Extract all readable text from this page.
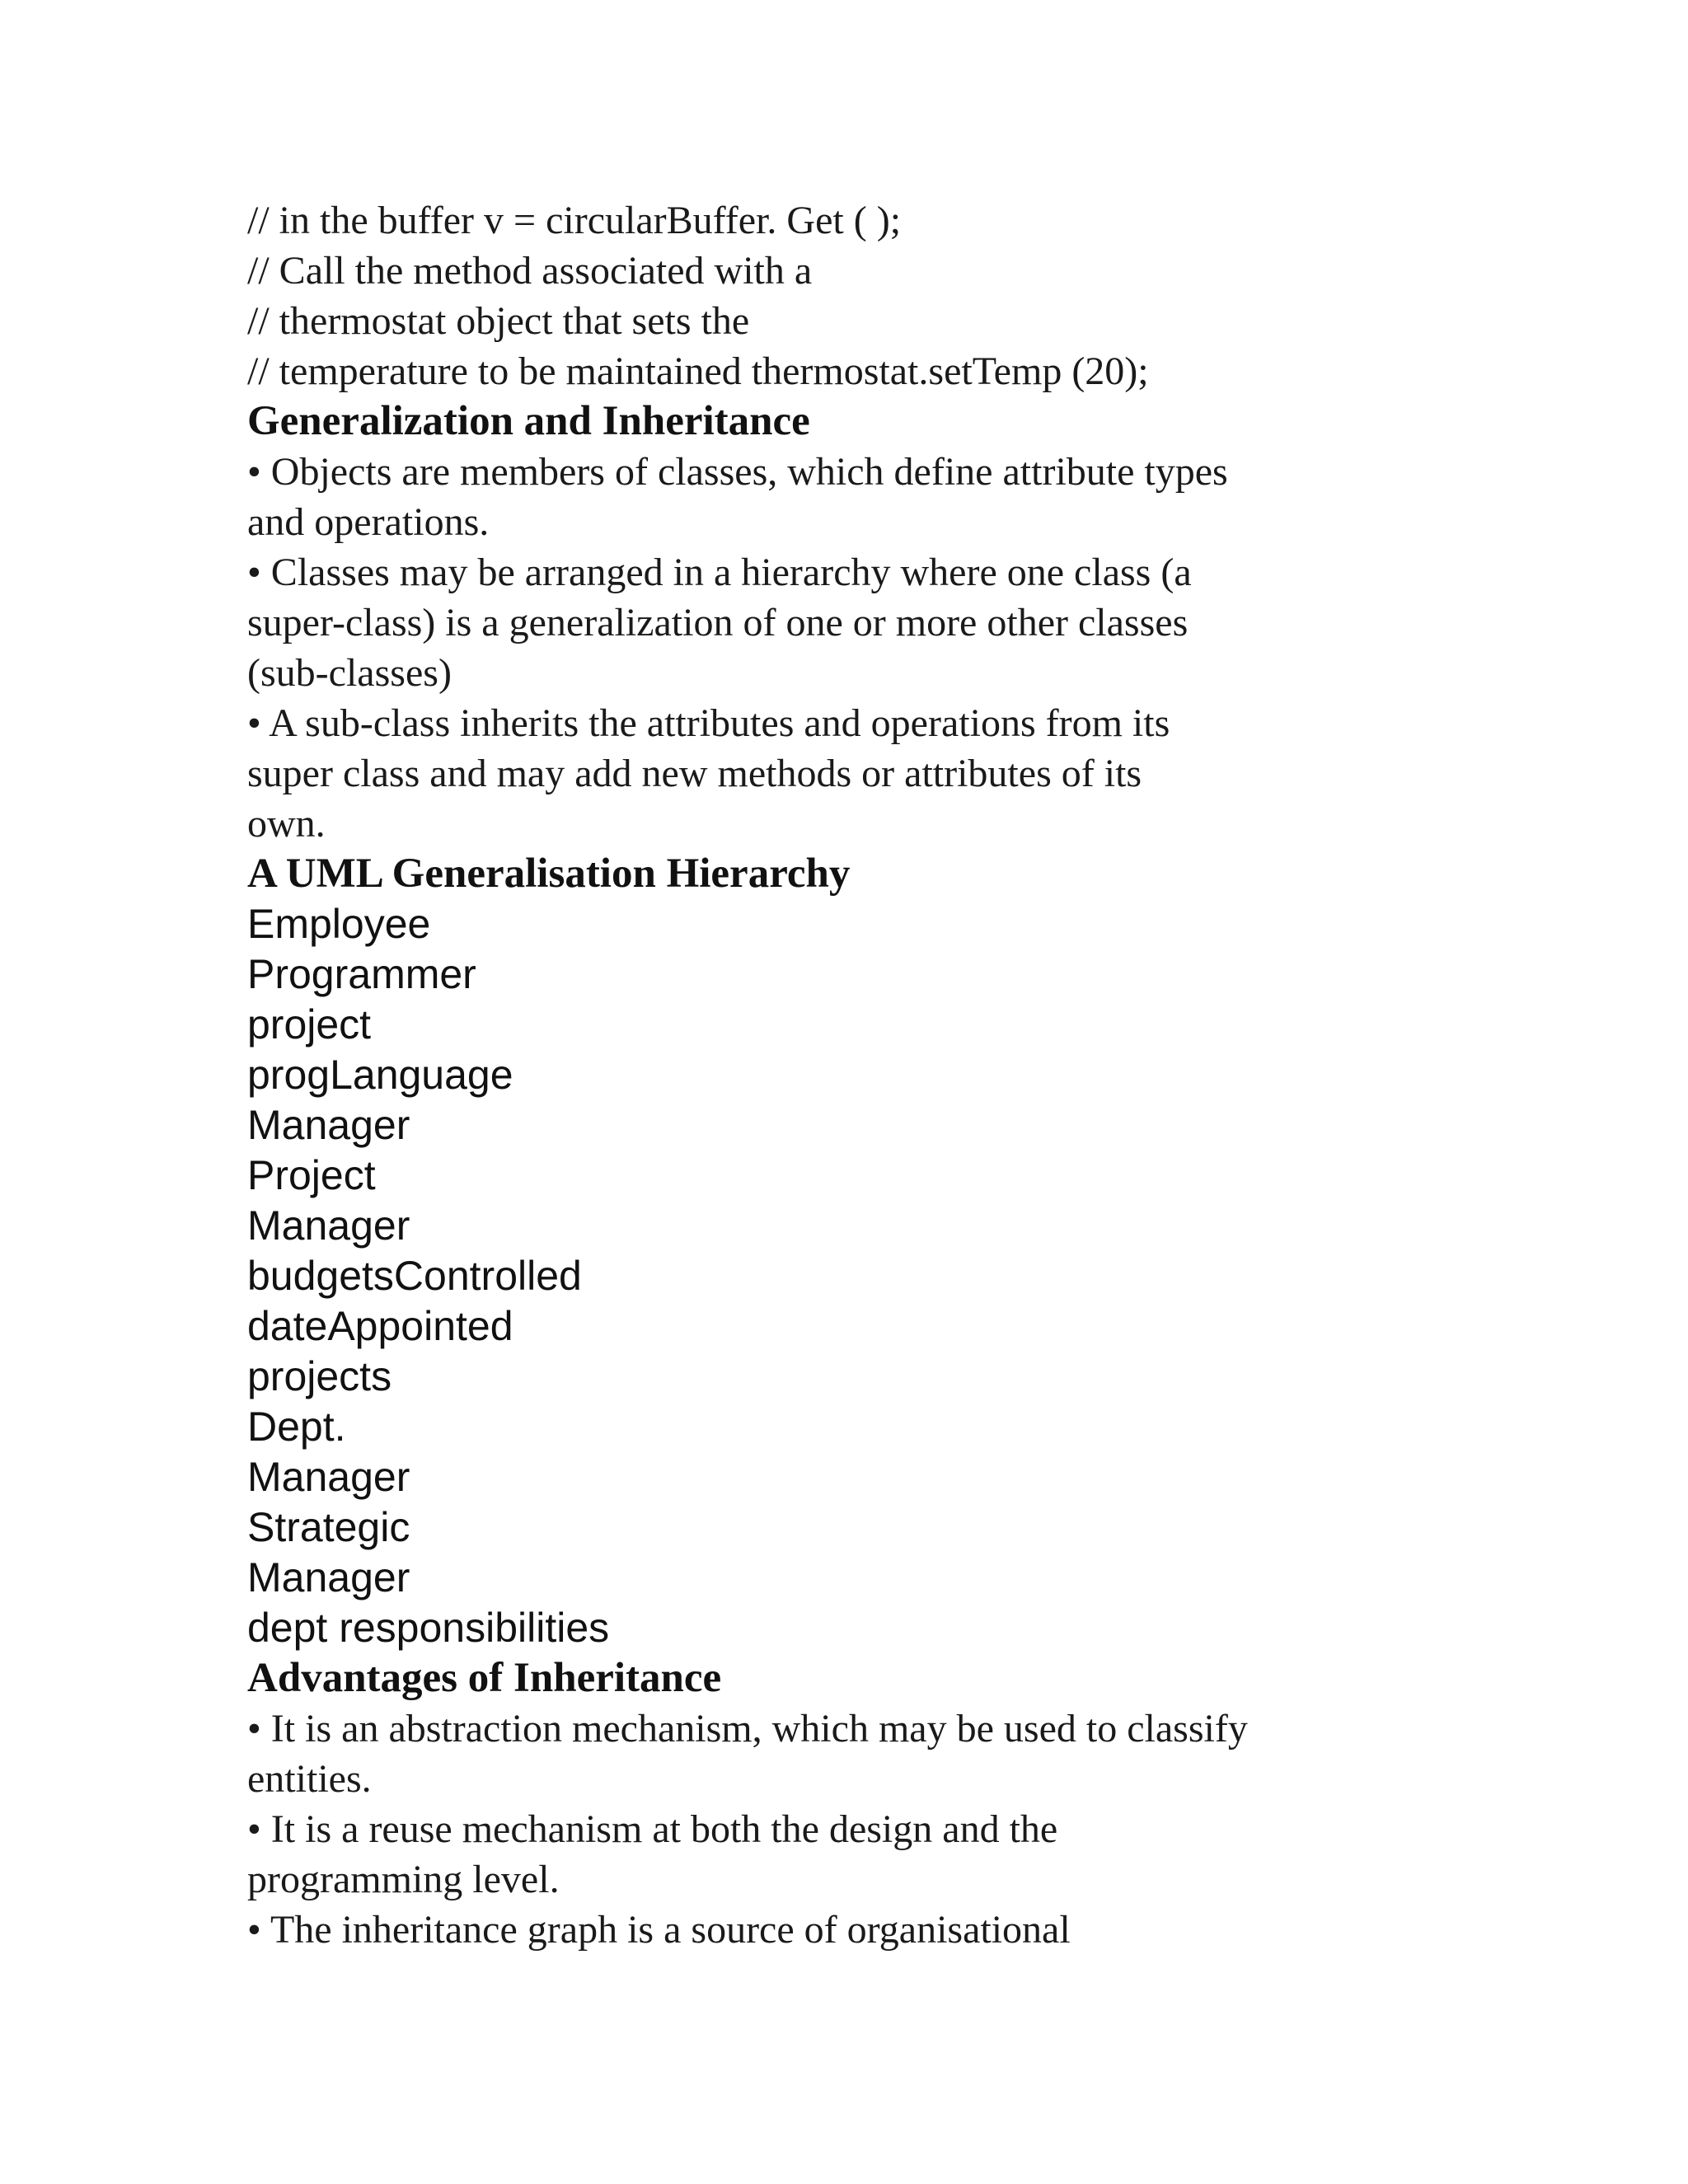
// in the buffer v = circularBuffer. Get ( );

// Call the method associated with a

// thermostat object that sets the

// temperature to be maintained thermostat.setTemp (20);

Generalization and Inheritance

• Objects are members of classes, which define attribute types

and operations.

• Classes may be arranged in a hierarchy where one class (a

super-class) is a generalization of one or more other classes

(sub-classes)

• A sub-class inherits the attributes and operations from its

super class and may add new methods or attributes of its

own.

A UML Generalisation Hierarchy

Employee

Programmer

project

progLanguage

Manager

Project

Manager

budgetsControlled

dateAppointed

projects

Dept.

Manager

Strategic

Manager

dept responsibilities

Advantages of Inheritance

• It is an abstraction mechanism, which may be used to classify

entities.

• It is a reuse mechanism at both the design and the

programming level.

• The inheritance graph is a source of organisational
